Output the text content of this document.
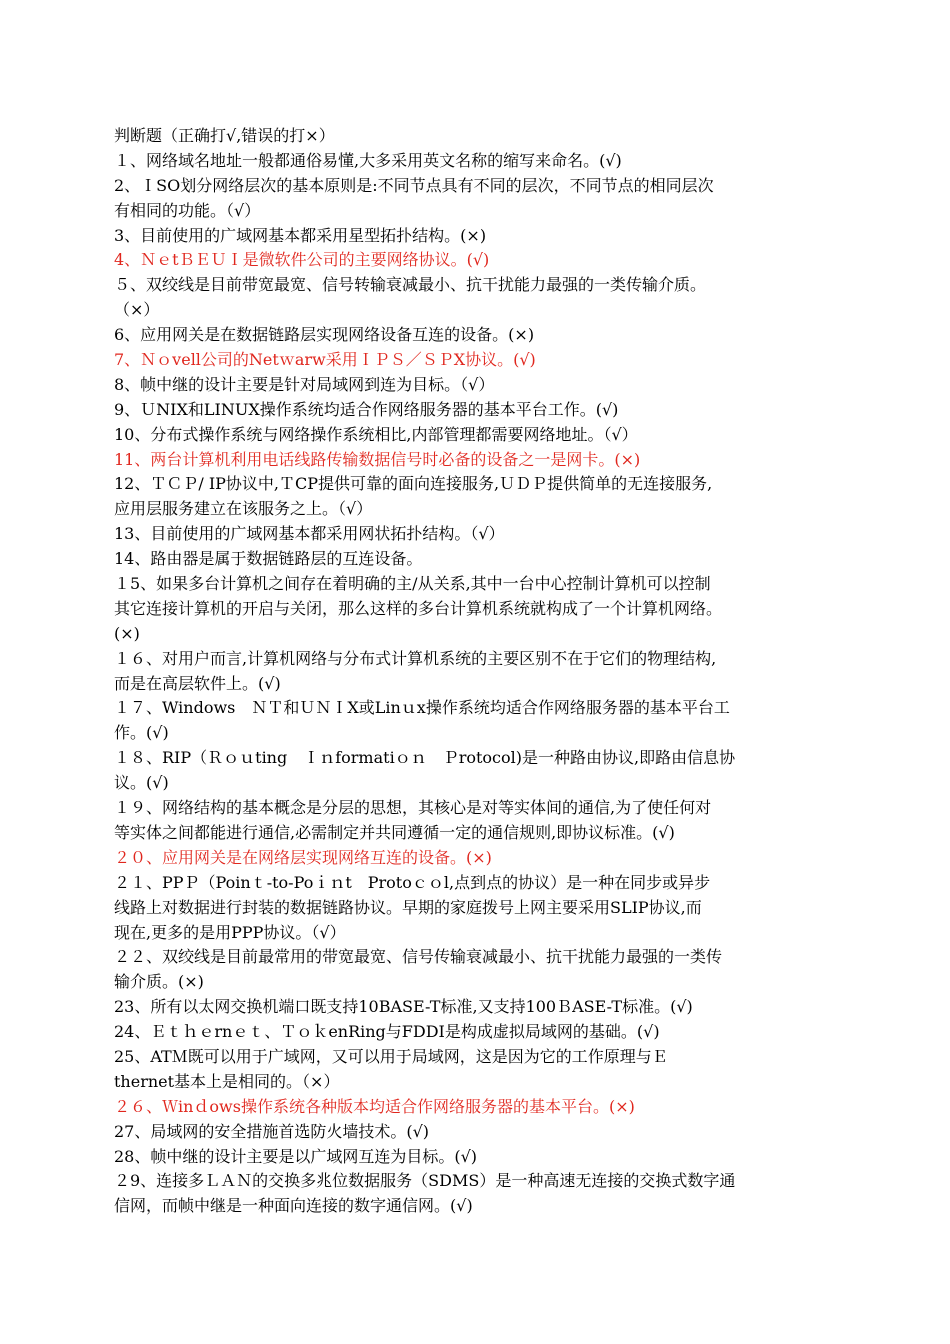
判断题（正确打√,错误的打×）
１、网络域名地址一般都通俗易懂,大多采用英文名称的缩写来命名。(√)
2、ＩSO划分网络层次的基本原则是:不同节点具有不同的层次，不同节点的相同层次
有相同的功能。（√）
3、目前使用的广域网基本都采用星型拓扑结构。(×)
4、ＮｅtＢＥＵＩ是微软件公司的主要网络协议。(√)
５、双绞线是目前带宽最宽、信号转输衰减最小、抗干扰能力最强的一类传输介质。
（×）
6、应用网关是在数据链路层实现网络设备互连的设备。(×)
7、Ｎｏvell公司的Netｗarw采用ＩＰＳ／ＳＰX协议。(√)
8、帧中继的设计主要是针对局域网到连为目标。（√）
9、ＵNIX和LINUX操作系统均适合作网络服务器的基本平台工作。(√)
10、分布式操作系统与网络操作系统相比,内部管理都需要网络地址。（√）
11、两台计算机利用电话线路传输数据信号时必备的设备之一是网卡。(×)
12、ＴＣＰ/ IP协议中,ＴCP提供可靠的面向连接服务,ＵＤＰ提供简单的无连接服务,
应用层服务建立在该服务之上。（√）
13、目前使用的广域网基本都采用网状拓扑结构。（√）
14、路由器是属于数据链路层的互连设备。
１5、如果多台计算机之间存在着明确的主/从关系,其中一台中心控制计算机可以控制
其它连接计算机的开启与关闭，那么这样的多台计算机系统就构成了一个计算机网络。
(×)
１６、对用户而言,计算机网络与分布式计算机系统的主要区别不在于它们的物理结构,
而是在高层软件上。(√)
１７、Windows　ＮＴ和ＵＮＩX或Linｕx操作系统均适合作网络服务器的基本平台工
作。(√)
１８、RIP（Ｒｏｕting　Ｉｎformatiｏｎ　Ｐrotocol)是一种路由协议,即路由信息协
议。(√)
１９、网络结构的基本概念是分层的思想，其核心是对等实体间的通信,为了使任何对
等实体之间都能进行通信,必需制定并共同遵循一定的通信规则,即协议标准。(√)
２０、应用网关是在网络层实现网络互连的设备。(×)
２１、PPＰ（Poinｔ-to-Poｉｎt　Protoｃｏl,点到点的协议）是一种在同步或异步
线路上对数据进行封装的数据链路协议。早期的家庭拨号上网主要采用SLIP协议,而
现在,更多的是用PPP协议。（√）
２２、双绞线是目前最常用的带宽最宽、信号传输衰减最小、抗干扰能力最强的一类传
输介质。(×)
23、所有以太网交换机端口既支持10BASE-T标准,又支持100ＢASE-T标准。(√)
24、Ｅｔｈｅrnｅｔ、ＴｏｋenRing与FDDI是构成虚拟局域网的基础。(√)
25、ATＭ既可以用于广域网，又可以用于局域网，这是因为它的工作原理与Ｅ
thernet基本上是相同的。（×）
２６、Ｗinｄows操作系统各种版本均适合作网络服务器的基本平台。(×)
27、局域网的安全措施首选防火墙技术。(√)
28、帧中继的设计主要是以广域网互连为目标。(√)
２9、连接多ＬＡＮ的交换多兆位数据服务（SDMS）是一种高速无连接的交换式数字通
信网，而帧中继是一种面向连接的数字通信网。(√)
